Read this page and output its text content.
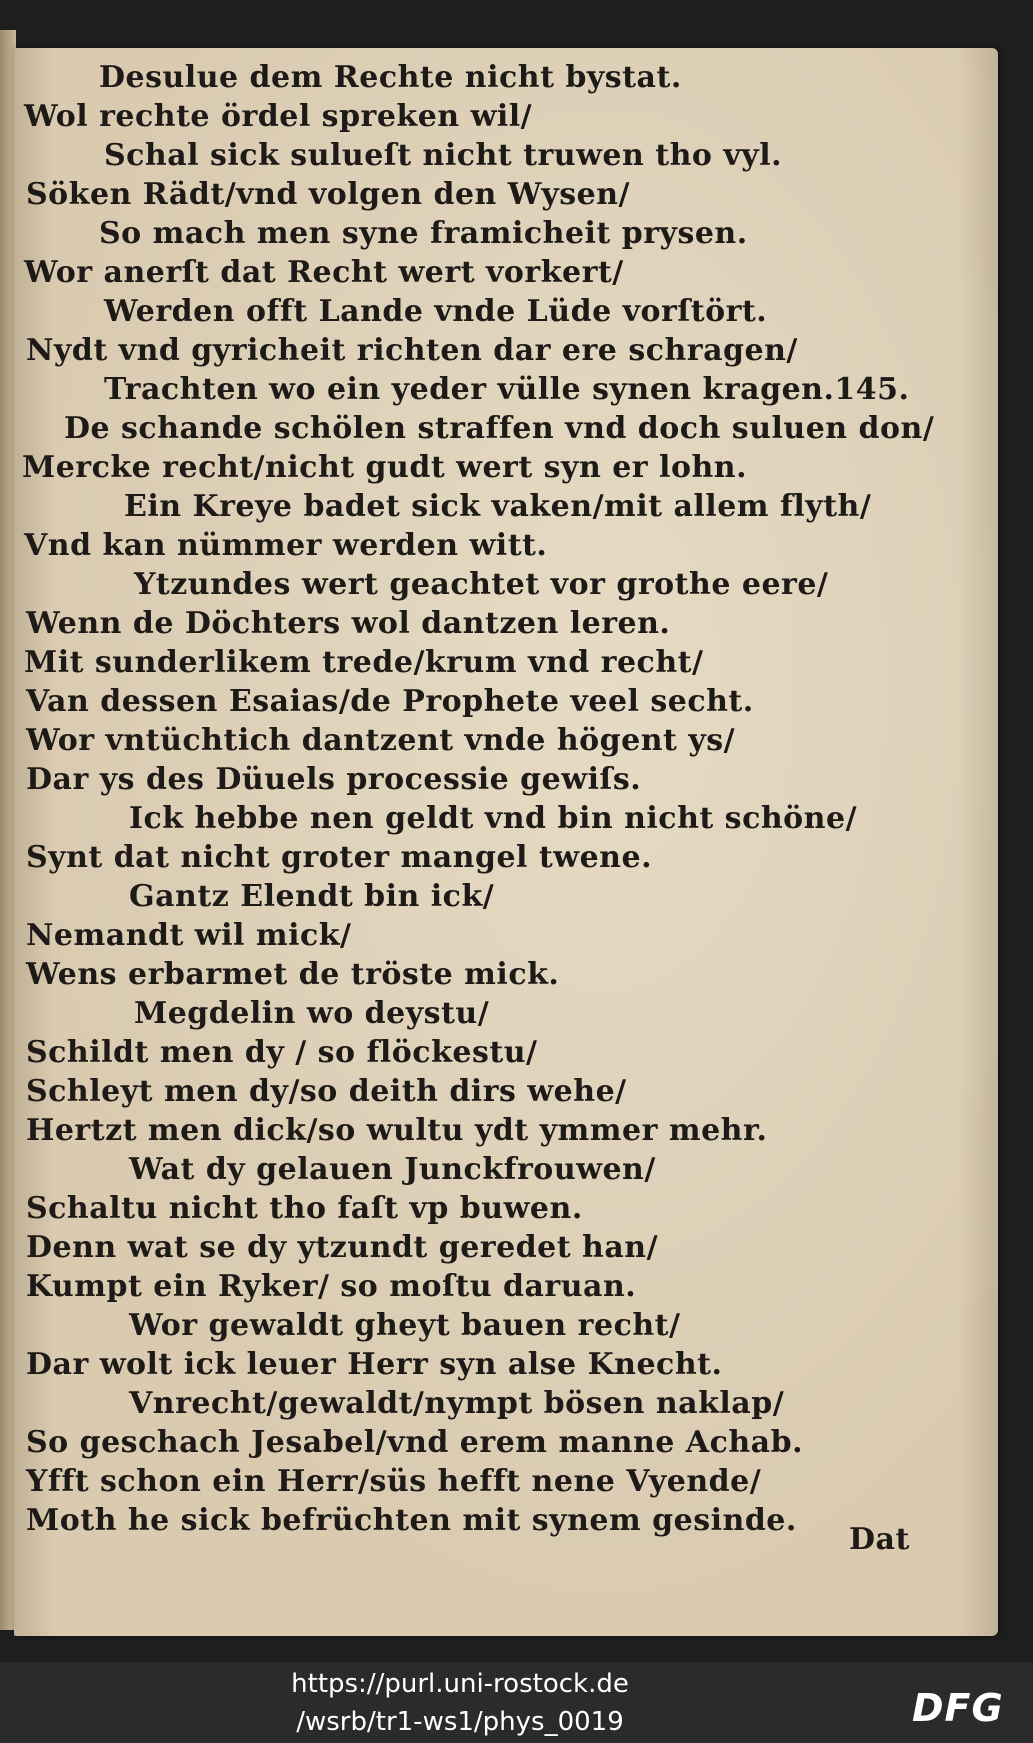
Desulue dem Rechte nicht bystat.
Wol rechte ördel spreken wil/
Schal sick sulueſt nicht truwen tho vyl.
Söken Rädt/vnd volgen den Wysen/
So mach men syne framicheit prysen.
Wor anerſt dat Recht wert vorkert/
Werden offt Lande vnde Lüde vorſtört.
Nydt vnd gyricheit richten dar ere schragen/
Trachten wo ein yeder vülle synen kragen.145.
De schande schölen straffen vnd doch suluen don/
Mercke recht/nicht gudt wert syn er lohn.
Ein Kreye badet sick vaken/mit allem flyth/
Vnd kan nümmer werden witt.
Ytzundes wert geachtet vor grothe eere/
Wenn de Döchters wol dantzen leren.
Mit sunderlikem trede/krum vnd recht/
Van dessen Esaias/de Prophete veel secht.
Wor vntüchtich dantzent vnde högent ys/
Dar ys des Düuels processie gewiſs.
Ick hebbe nen geldt vnd bin nicht schöne/
Synt dat nicht groter mangel twene.
Gantz Elendt bin ick/
Nemandt wil mick/
Wens erbarmet de tröste mick.
Megdelin wo deystu/
Schildt men dy / so flöckestu/
Schleyt men dy/so deith dirs wehe/
Hertzt men dick/so wultu ydt ymmer mehr.
Wat dy gelauen Junckfrouwen/
Schaltu nicht tho faſt vp buwen.
Denn wat se dy ytzundt geredet han/
Kumpt ein Ryker/ so moſtu daruan.
Wor gewaldt gheyt bauen recht/
Dar wolt ick leuer Herr syn alse Knecht.
Vnrecht/gewaldt/nympt bösen naklap/
So geschach Jesabel/vnd erem manne Achab.
Yfft schon ein Herr/süs hefft nene Vyende/
Moth he sick befrüchten mit synem gesinde.
Dat
https://purl.uni-rostock.de
/wsrb/tr1-ws1/phys_0019	DFG
